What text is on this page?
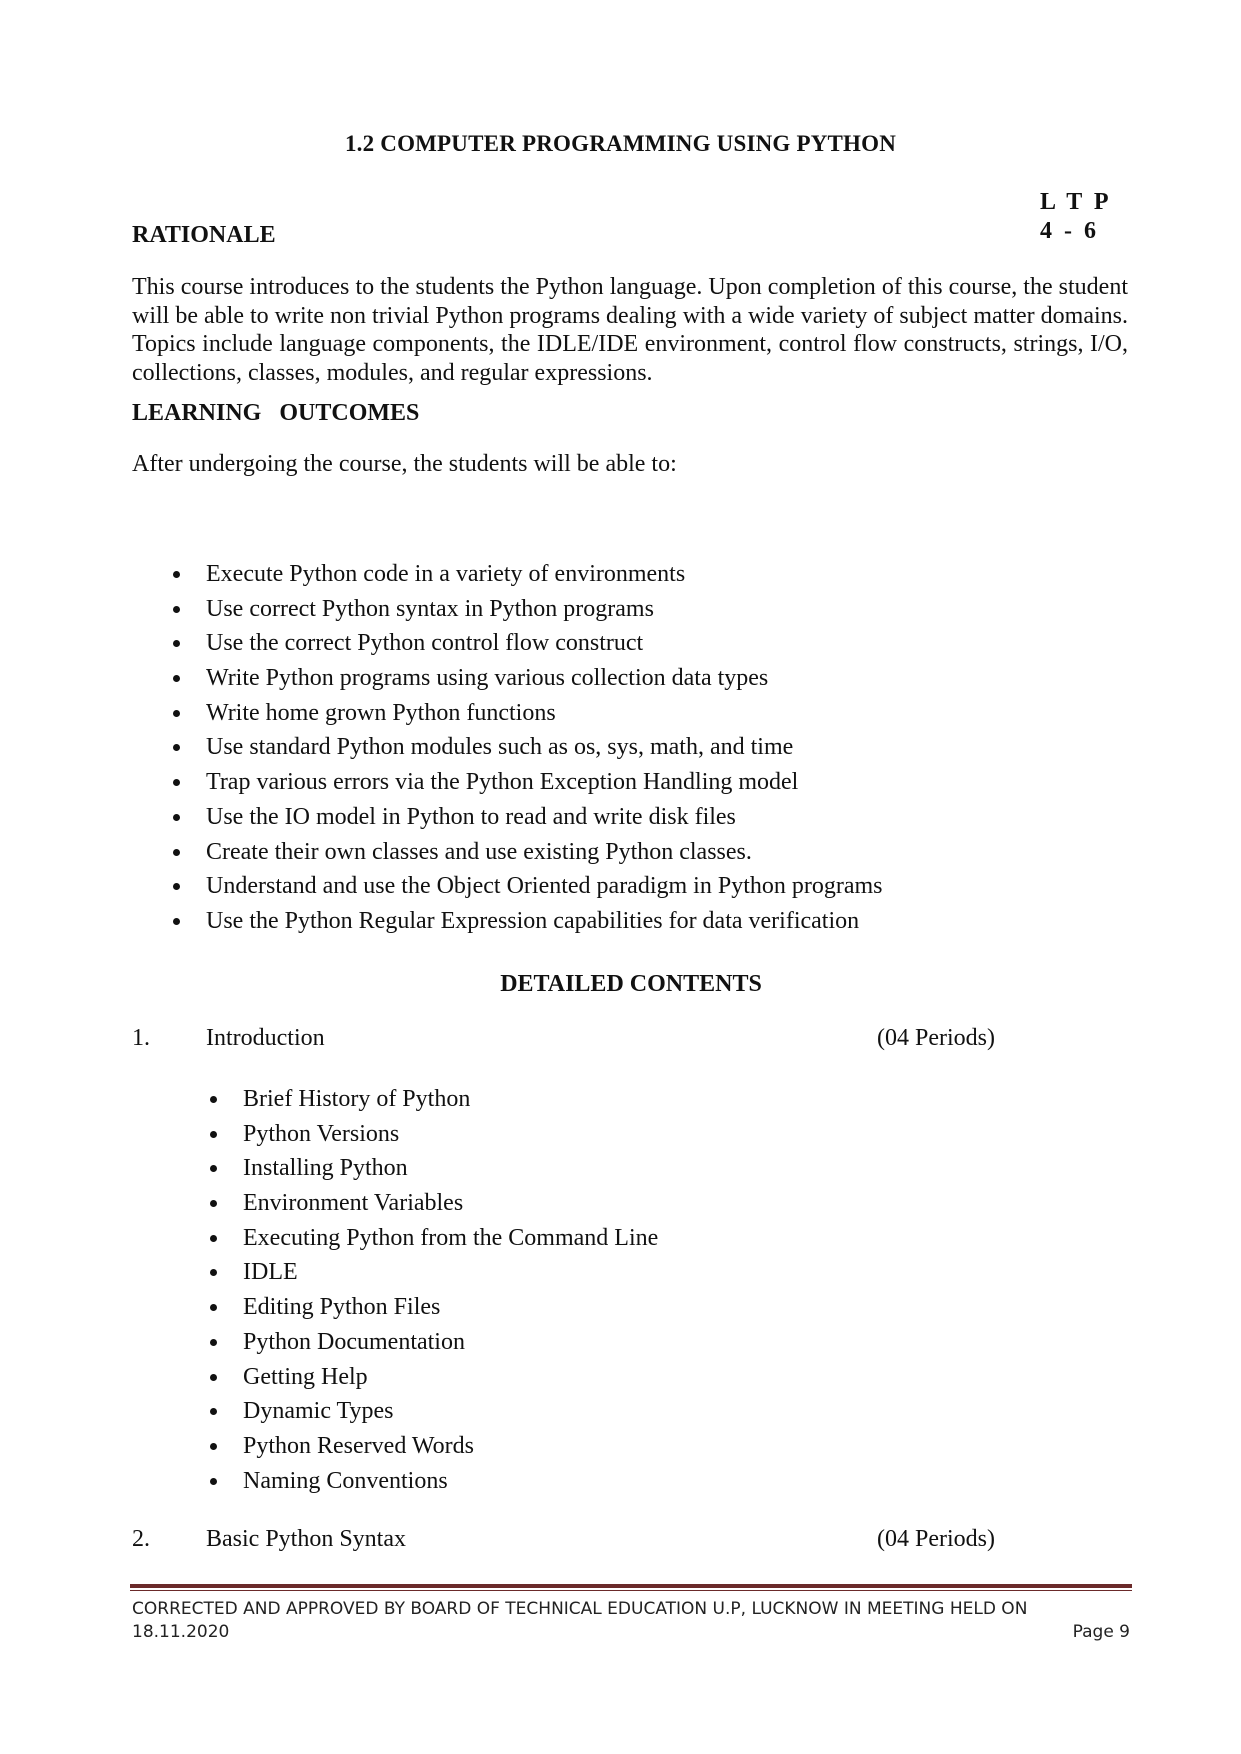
1.2 COMPUTER PROGRAMMING USING PYTHON
L  T  P
4  -  6
RATIONALE
This course introduces to the students the Python language. Upon completion of this course, the student will be able to write non trivial Python programs dealing with a wide variety of subject matter domains. Topics include language components, the IDLE/IDE environment, control flow constructs, strings, I/O, collections, classes, modules, and regular expressions.
LEARNING   OUTCOMES
After undergoing the course, the students will be able to:
Execute Python code in a variety of environments
Use correct Python syntax in Python programs
Use the correct Python control flow construct
Write Python programs using various collection data types
Write home grown Python functions
Use standard Python modules such as os, sys, math, and time
Trap various errors via the Python Exception Handling model
Use the IO model in Python to read and write disk files
Create their own classes and use existing Python classes.
Understand and use the Object Oriented paradigm in Python programs
Use the Python Regular Expression capabilities for data verification
DETAILED CONTENTS
1. Introduction	(04 Periods)
Brief History of Python
Python Versions
Installing Python
Environment Variables
Executing Python from the Command Line
IDLE
Editing Python Files
Python Documentation
Getting Help
Dynamic Types
Python Reserved Words
Naming Conventions
2. Basic Python Syntax	(04 Periods)
CORRECTED AND APPROVED BY BOARD OF TECHNICAL EDUCATION U.P, LUCKNOW IN MEETING HELD ON
18.11.2020	Page 9
